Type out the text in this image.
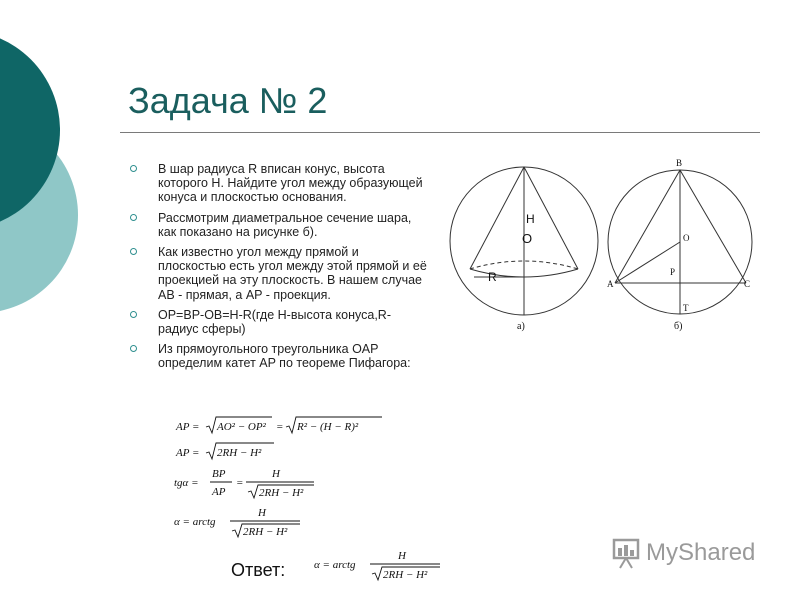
Задача № 2
В шар радиуса R вписан конус, высота которого H. Найдите угол между образующей конуса и плоскостью основания.
Рассмотрим диаметральное сечение шара, как показано на рисунке б).
Как известно угол между прямой и плоскостью есть угол между этой прямой и её проекцией на эту плоскость. В нашем случае AB - прямая, а AP - проекция.
OP=BP-OB=H-R(где H-высота конуса,R-радиус сферы)
Из прямоугольного треугольника OAP определим катет AP по теореме Пифагора:
H
O
R
а)
B
O
P
A	C
T
б)
AP = AO² − OP² = R² − (H − R)²
AP = 2RH − H²
tgα =
BP
AP
=
H
2RH − H²
α = arctg
H
2RH − H²
Ответ:	α = arctg
H
2RH − H²
MyShared
